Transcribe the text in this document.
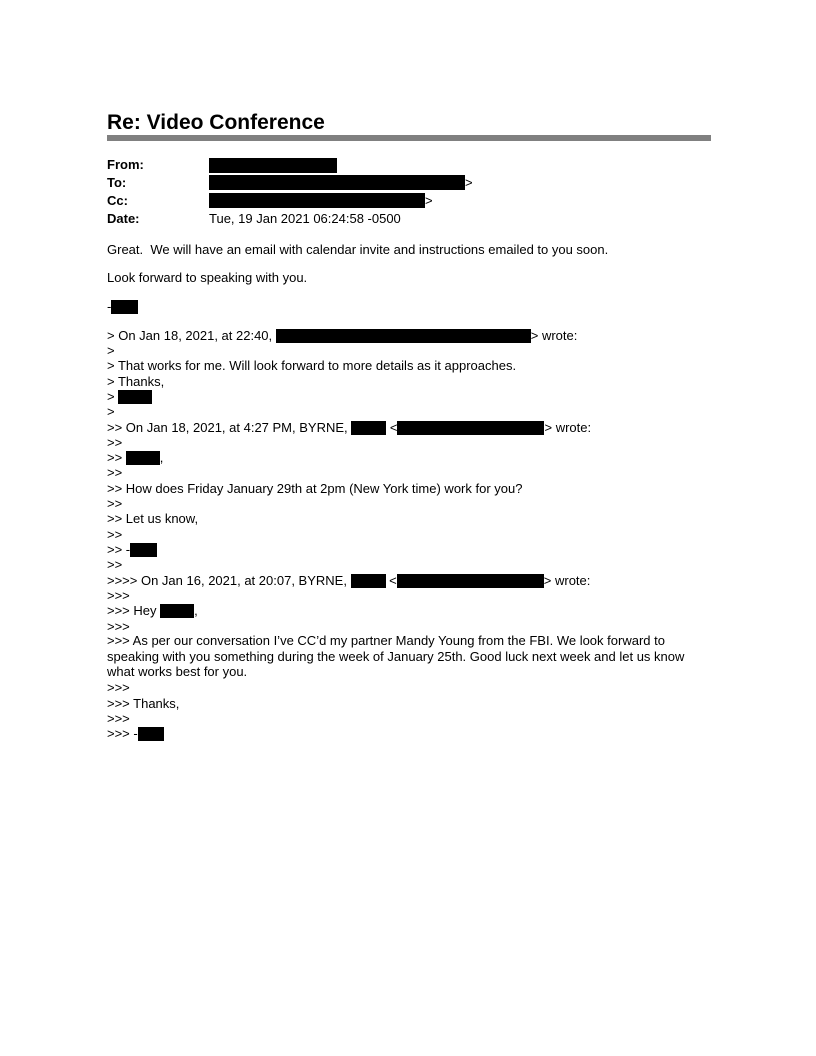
Re: Video Conference
From:
To:	>
Cc:	>
Date:	Tue, 19 Jan 2021 06:24:58 -0500
Great.  We will have an email with calendar invite and instructions emailed to you soon.
Look forward to speaking with you.
-
> On Jan 18, 2021, at 22:40,	> wrote:
>
> That works for me. Will look forward to more details as it approaches.
> Thanks,
>
>
>> On Jan 18, 2021, at 4:27 PM, BYRNE,	<	> wrote:
>>
>>	,
>>
>> How does Friday January 29th at 2pm (New York time) work for you?
>>
>> Let us know,
>>
>> -
>>
>>>> On Jan 16, 2021, at 20:07, BYRNE,	<	> wrote:
>>>
>>> Hey	,
>>>
>>> As per our conversation I’ve CC’d my partner Mandy Young from the FBI. We look forward to speaking with you something during the week of January 25th. Good luck next week and let us know what works best for you.
>>>
>>> Thanks,
>>>
>>> -
